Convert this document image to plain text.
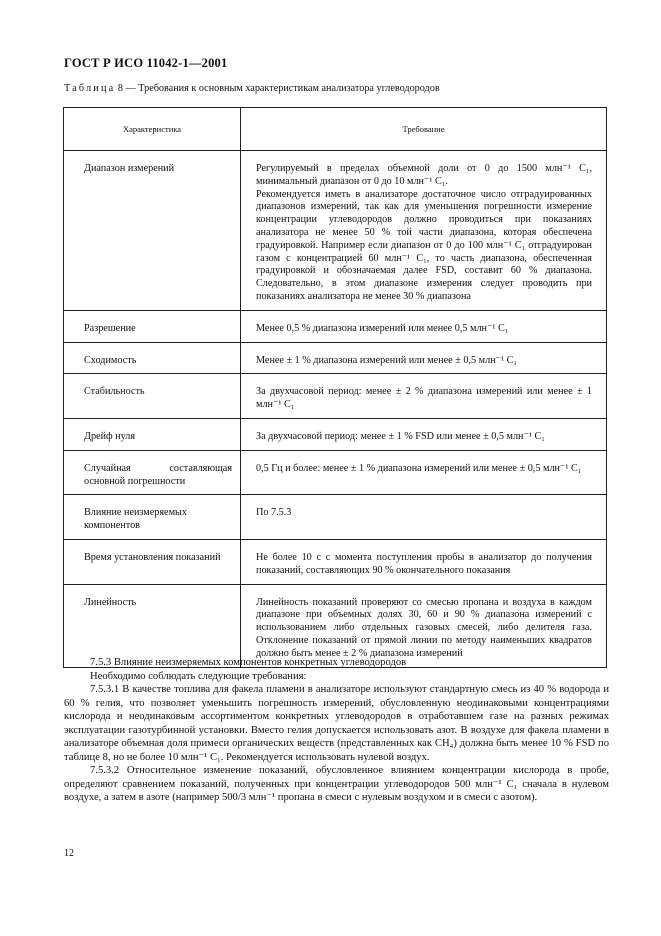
ГОСТ Р ИСО 11042-1—2001
Таблица 8 — Требования к основным характеристикам анализатора углеводородов
Характеристика	Требование
Диапазон измерений	Регулируемый в пределах объемной доли от 0 до 1500 млн⁻¹ C₁, минимальный диапазон от 0 до 10 млн⁻¹ C₁.
Рекомендуется иметь в анализаторе достаточное число отградуированных диапазонов измерений, так как для уменьшения погрешности измерение концентрации углеводородов должно проводиться при показаниях анализатора не менее 50 % той части диапазона, которая обеспечена градуировкой. Например если диапазон от 0 до 100 млн⁻¹ C₁ отградуирован газом с концентрацией 60 млн⁻¹ C₁, то часть диапазона, обеспеченная градуировкой и обозначаемая далее FSD, составит 60 % диапазона. Следовательно, в этом диапазоне измерения следует проводить при показаниях анализатора не менее 30 % диапазона
Разрешение	Менее 0,5 % диапазона измерений или менее 0,5 млн⁻¹ C₁
Сходимость	Менее ± 1 % диапазона измерений или менее ± 0,5 млн⁻¹ C₁
Стабильность	За двухчасовой период: менее ± 2 % диапазона измерений или менее ± 1 млн⁻¹ C₁
Дрейф нуля	За двухчасовой период: менее ± 1 % FSD или менее ± 0,5 млн⁻¹ C₁
Случайная составляющая основной погрешности	0,5 Гц и более: менее ± 1 % диапазона измерений или менее ± 0,5 млн⁻¹ C₁
Влияние неизмеряемых компонентов	По 7.5.3
Время установления показаний	Не более 10 с с момента поступления пробы в анализатор до получения показаний, составляющих 90 % окончательного показания
Линейность	Линейность показаний проверяют со смесью пропана и воздуха в каждом диапазоне при объемных долях 30, 60 и 90 % диапазона измерений с использованием либо отдельных газовых смесей, либо делителя газа. Отклонение показаний от прямой линии по методу наименьших квадратов должно быть менее ± 2 % диапазона измерений

7.5.3 Влияние неизмеряемых компонентов конкретных углеводородов

Необходимо соблюдать следующие требования:

7.5.3.1 В качестве топлива для факела пламени в анализаторе используют стандартную смесь из 40 % водорода и 60 % гелия, что позволяет уменьшить погрешность измерений, обусловленную неодинаковыми концентрациями кислорода и неодинаковым ассортиментом конкретных углеводородов в отработавшем газе на разных режимах эксплуатации газотурбинной установки. Вместо гелия допускается использовать азот. В воздухе для факела пламени в анализаторе объемная доля примеси органических веществ (представленных как CH₄) должна быть менее 10 % FSD по таблице 8, но не более 10 млн⁻¹ C₁. Рекомендуется использовать нулевой воздух.

7.5.3.2 Относительное изменение показаний, обусловленное влиянием концентрации кислорода в пробе, определяют сравнением показаний, полученных при концентрации углеводородов 500 млн⁻¹ C₁ сначала в нулевом воздухе, а затем в азоте (например 500/3 млн⁻¹ пропана в смеси с нулевым воздухом и в смеси с азотом).

12
